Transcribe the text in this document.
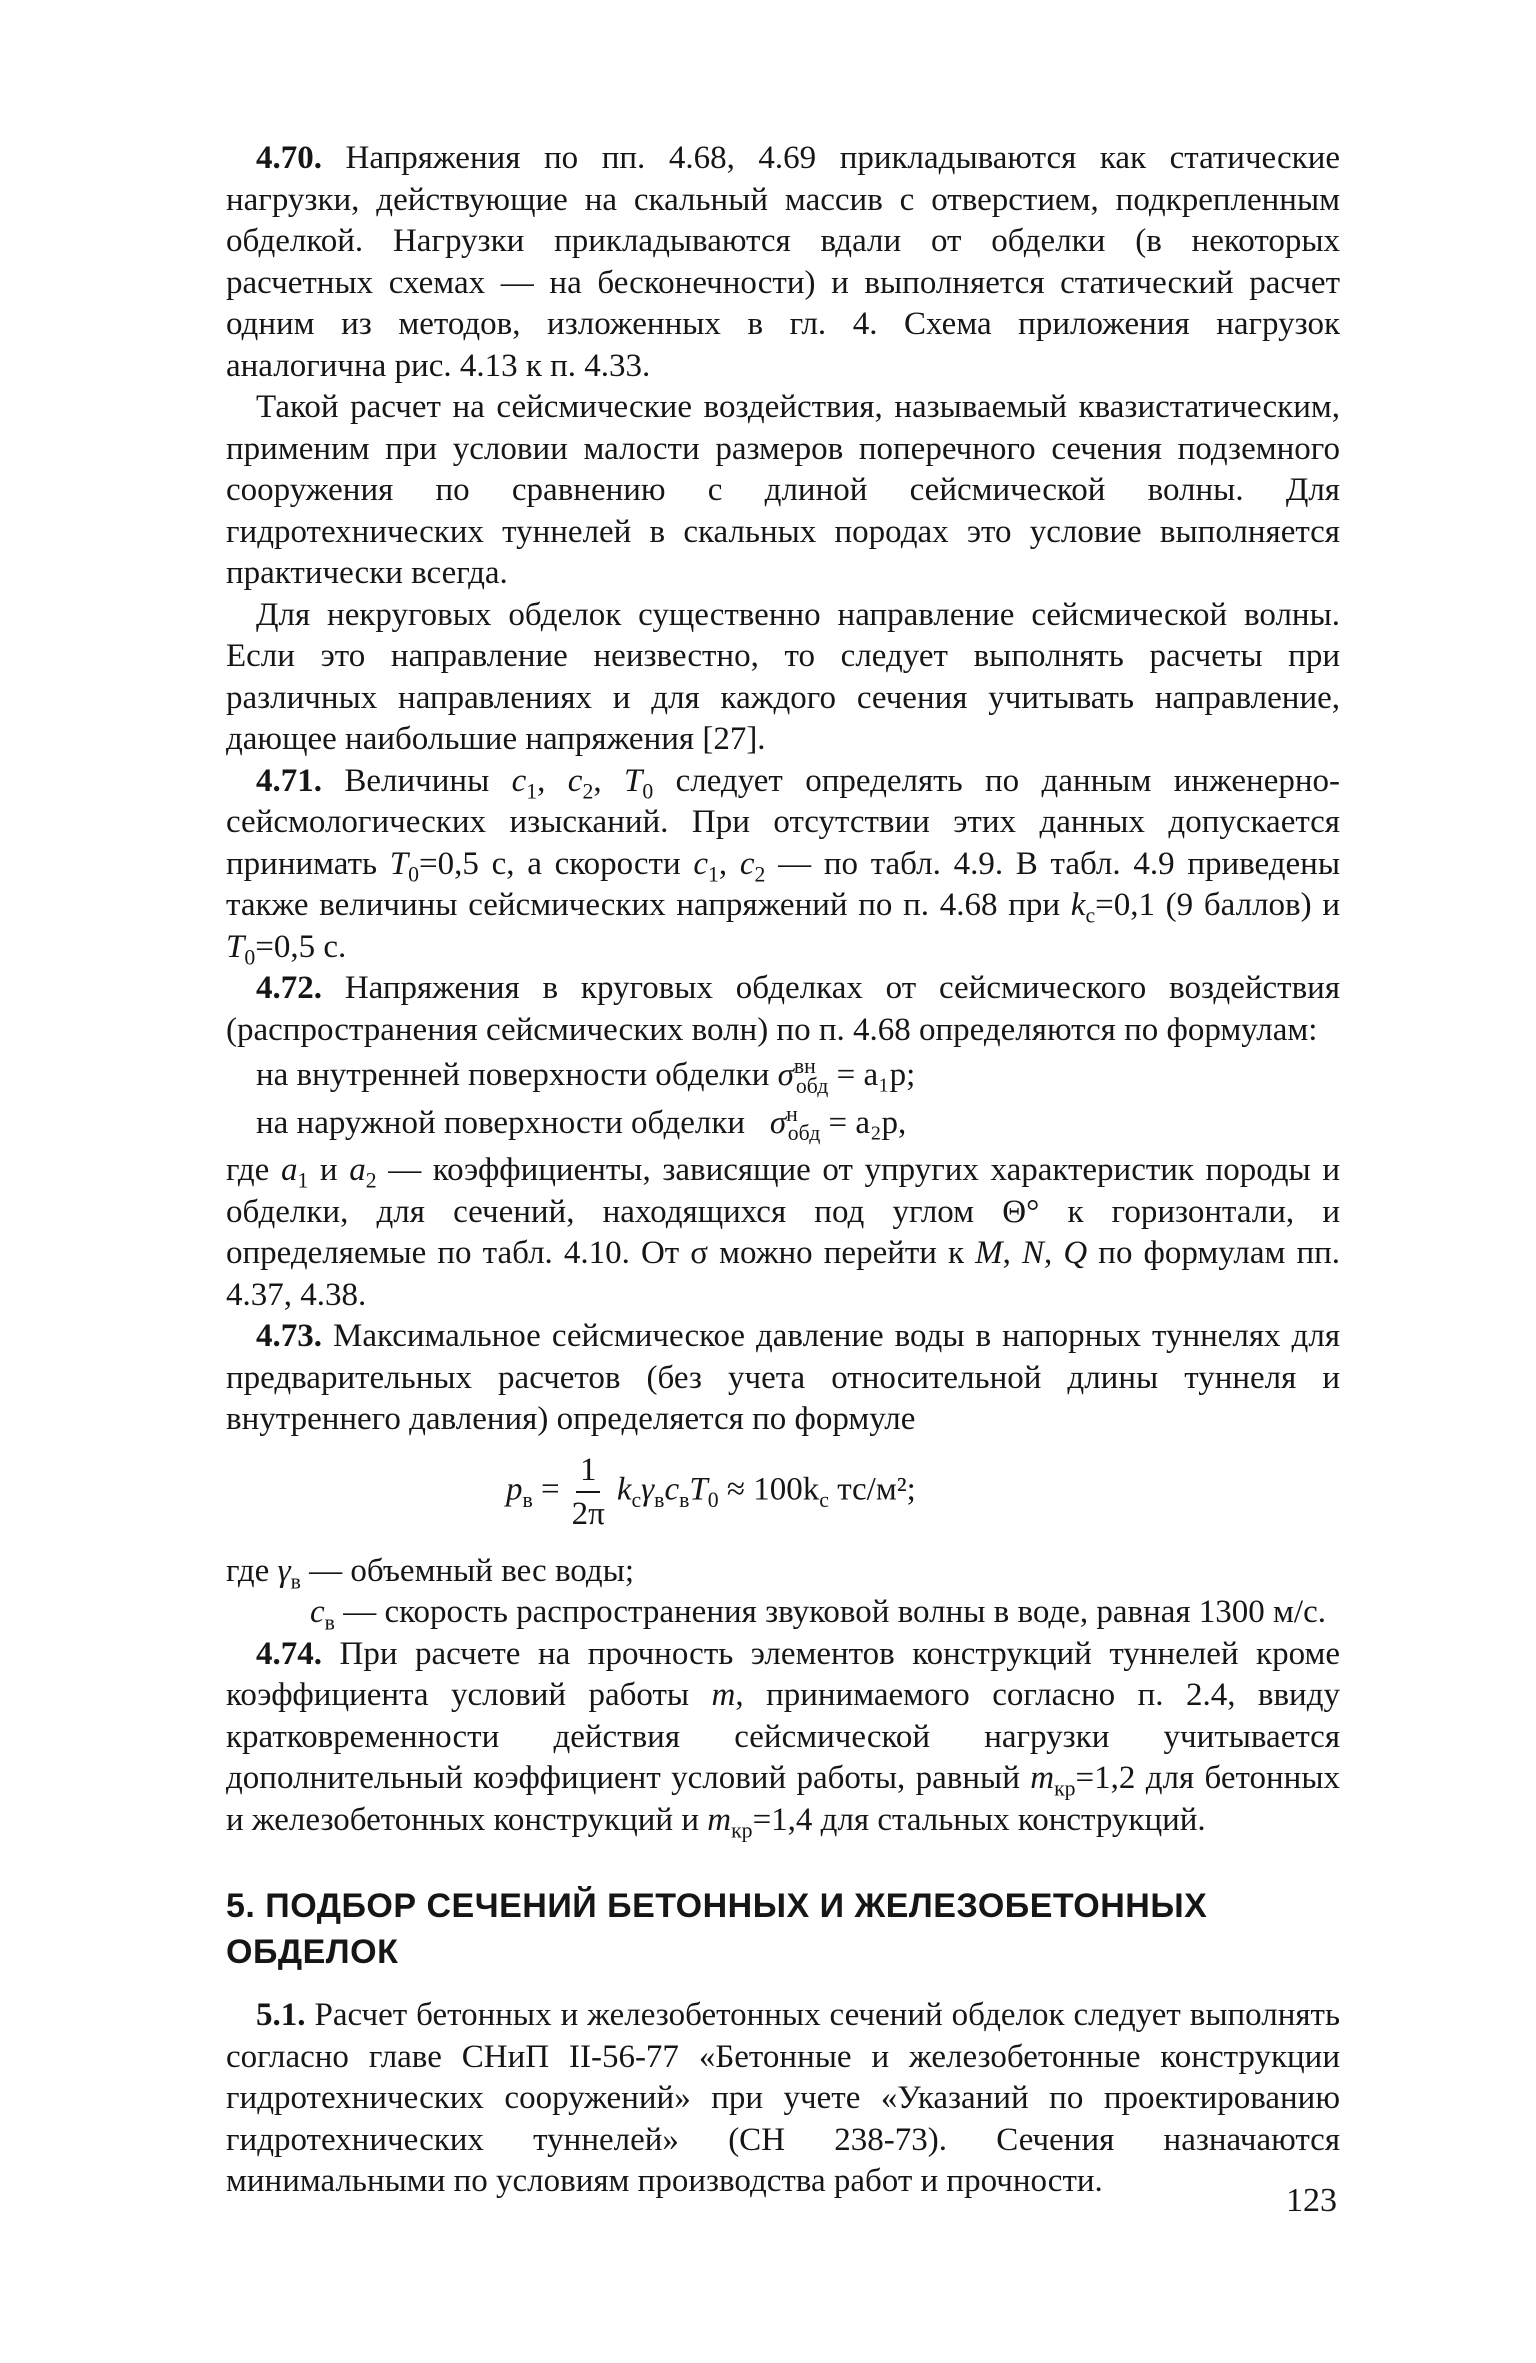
4.70. Напряжения по пп. 4.68, 4.69 прикладываются как статические нагрузки, действующие на скальный массив с отверстием, подкрепленным обделкой. Нагрузки прикладываются вдали от обделки (в некоторых расчетных схемах — на бесконечности) и выполняется статический расчет одним из методов, изложенных в гл. 4. Схема приложения нагрузок аналогична рис. 4.13 к п. 4.33.

Такой расчет на сейсмические воздействия, называемый квазистатическим, применим при условии малости размеров поперечного сечения подземного сооружения по сравнению с длиной сейсмической волны. Для гидротехнических туннелей в скальных породах это условие выполняется практически всегда.

Для некруговых обделок существенно направление сейсмической волны. Если это направление неизвестно, то следует выполнять расчеты при различных направлениях и для каждого сечения учитывать направление, дающее наибольшие напряжения [27].

4.71. Величины $c_1$, $c_2$, $T_0$ следует определять по данным инженерно-сейсмологических изысканий. При отсутствии этих данных допускается принимать $T_0=0,5$ с, а скорости $c_1$, $c_2$ — по табл. 4.9. В табл. 4.9 приведены также величины сейсмических напряжений по п. 4.68 при $k_с=0,1$ (9 баллов) и $T_0=0,5$ с.

4.72. Напряжения в круговых обделках от сейсмического воздействия (распространения сейсмических волн) по п. 4.68 определяются по формулам:

на внутренней поверхности обделки $\sigma^{вн}_{обд} = a_1p$;

на наружной поверхности обделки   $\sigma^н_{обд} = a_2p$,

где $a_1$ и $a_2$ — коэффициенты, зависящие от упругих характеристик породы и обделки, для сечений, находящихся под углом Θ° к горизонтали, и определяемые по табл. 4.10. От σ можно перейти к M, N, Q по формулам пп. 4.37, 4.38.

4.73. Максимальное сейсмическое давление воды в напорных туннелях для предварительных расчетов (без учета относительной длины туннеля и внутреннего давления) определяется по формуле

$p_в = \frac{1}{2\pi} k_с\gamma_вc_вT_0 \approx 100k_с$ тс/м²;

где $\gamma_в$ — объемный вес воды;

$с_в$ — скорость распространения звуковой волны в воде, равная 1300 м/с.

4.74. При расчете на прочность элементов конструкций туннелей кроме коэффициента условий работы m, принимаемого согласно п. 2.4, ввиду кратковременности действия сейсмической нагрузки учитывается дополнительный коэффициент условий работы, равный $m_{кр}=1,2$ для бетонных и железобетонных конструкций и $m_{кр}=1,4$ для стальных конструкций.

5. ПОДБОР СЕЧЕНИЙ БЕТОННЫХ И ЖЕЛЕЗОБЕТОННЫХ ОБДЕЛОК

5.1. Расчет бетонных и железобетонных сечений обделок следует выполнять согласно главе СНиП II-56-77 «Бетонные и железобетонные конструкции гидротехнических сооружений» при учете «Указаний по проектированию гидротехнических туннелей» (СН 238-73). Сечения назначаются минимальными по условиям производства работ и прочности.

123
